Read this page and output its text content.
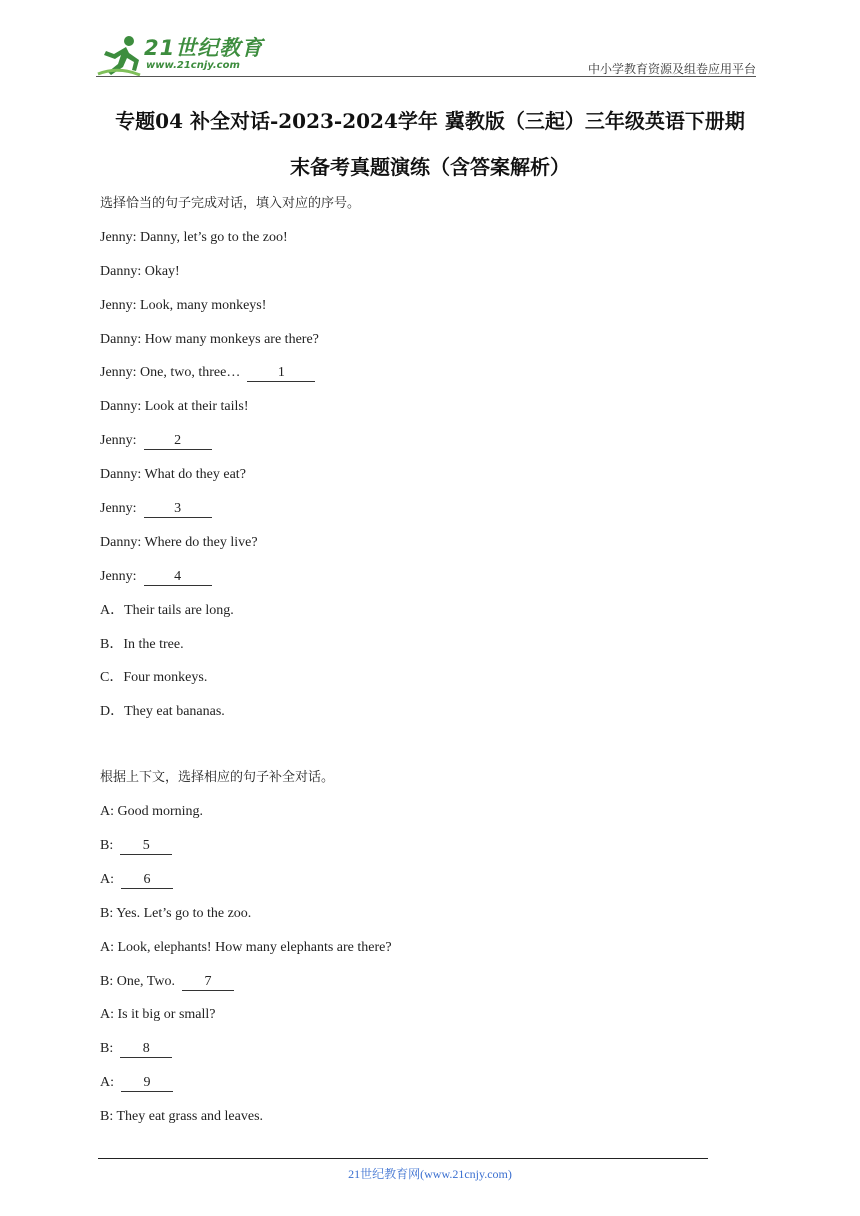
21世纪教育
www.21cnjy.com	中小学教育资源及组卷应用平台
专题04 补全对话-2023-2024学年 冀教版（三起）三年级英语下册期
末备考真题演练（含答案解析）
选择恰当的句子完成对话，填入对应的序号。
Jenny: Danny, let’s go to the zoo!
Danny: Okay!
Jenny: Look, many monkeys!
Danny: How many monkeys are there?
Jenny: One, two, three…	1
Danny: Look at their tails!
Jenny:	2
Danny: What do they eat?
Jenny:	3
Danny: Where do they live?
Jenny:	4
A．Their tails are long.
B．In the tree.
C．Four monkeys.
D．They eat bananas.
根据上下文，选择相应的句子补全对话。
A: Good morning.
B: 5
A: 6
B: Yes. Let’s go to the zoo.
A: Look, elephants! How many elephants are there?
B: One, Two. 7
A: Is it big or small?
B: 8
A: 9
B: They eat grass and leaves.
21世纪教育网(www.21cnjy.com)
